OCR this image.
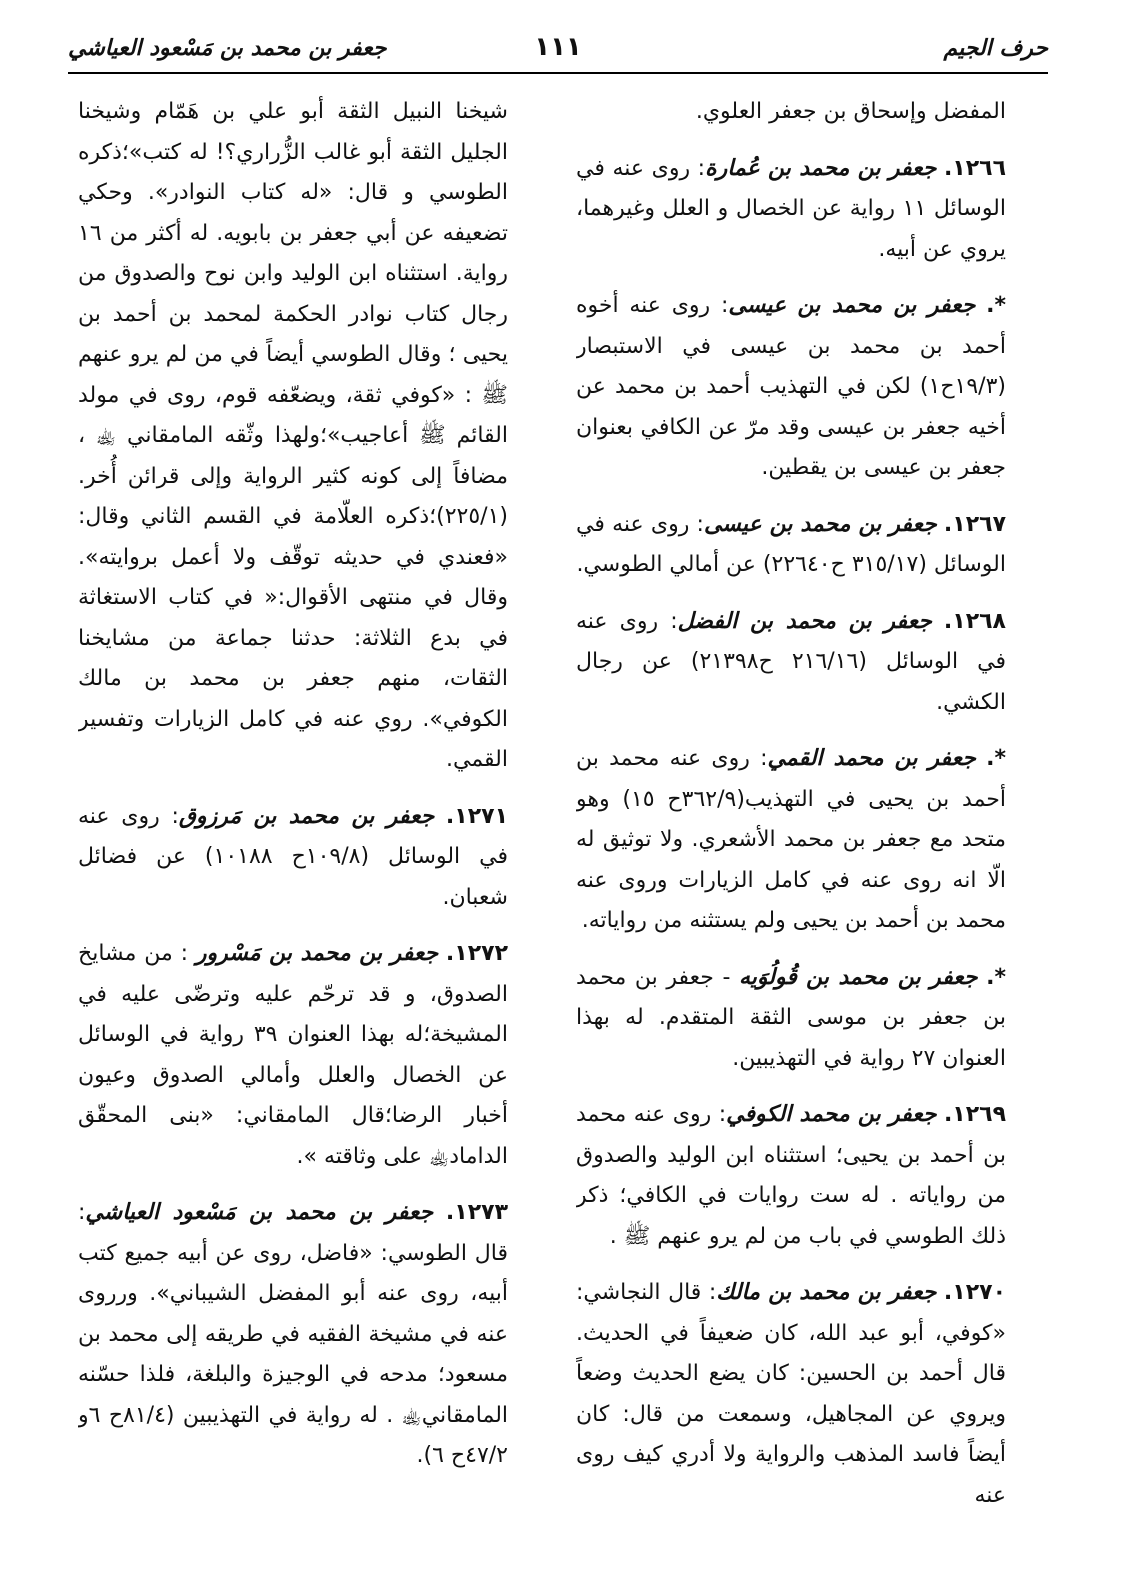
حرف الجيم
١١١
جعفر بن محمد بن مَسْعود العياشي

المفضل وإسحاق بن جعفر العلوي.

١٢٦٦. جعفر بن محمد بن عُمارة: روى عنه في الوسائل ١١ رواية عن الخصال و العلل وغيرهما، يروي عن أبيه.

*. جعفر بن محمد بن عيسى: روى عنه أخوه أحمد بن محمد بن عيسى في الاستبصار (١٩/٣ح١) لكن في التهذيب أحمد بن محمد عن أخيه جعفر بن عيسى وقد مرّ عن الكافي بعنوان جعفر بن عيسى بن يقطين.

١٢٦٧. جعفر بن محمد بن عيسى: روى عنه في الوسائل (٣١٥/١٧ ح٢٢٦٤٠) عن أمالي الطوسي.

١٢٦٨. جعفر بن محمد بن الفضل: روى عنه في الوسائل (٢١٦/١٦ ح٢١٣٩٨) عن رجال الكشي.

*. جعفر بن محمد القمي: روى عنه محمد بن أحمد بن يحيى في التهذيب(٣٦٢/٩ح ١٥) وهو متحد مع جعفر بن محمد الأشعري. ولا توثيق له الّا انه روى عنه في كامل الزيارات وروى عنه محمد بن أحمد بن يحيى ولم يستثنه من رواياته.

*. جعفر بن محمد بن قُولُوَيه - جعفر بن محمد بن جعفر بن موسى الثقة المتقدم. له بهذا العنوان ٢٧ رواية في التهذيبين.

١٢٦٩. جعفر بن محمد الكوفي: روى عنه محمد بن أحمد بن يحيى؛ استثناه ابن الوليد والصدوق من رواياته . له ست روايات في الكافي؛ ذكر ذلك الطوسي في باب من لم يرو عنهم ﷺ .

١٢٧٠. جعفر بن محمد بن مالك: قال النجاشي: «كوفي، أبو عبد الله، كان ضعيفاً في الحديث. قال أحمد بن الحسين: كان يضع الحديث وضعاً ويروي عن المجاهيل، وسمعت من قال: كان أيضاً فاسد المذهب والرواية ولا أدري كيف روى عنه

شيخنا النبيل الثقة أبو علي بن هَمّام وشيخنا الجليل الثقة أبو غالب الزُّراري؟! له كتب»؛ذكره الطوسي و قال: «له كتاب النوادر». وحكي تضعيفه عن أبي جعفر بن بابويه. له أكثر من ١٦ رواية. استثناه ابن الوليد وابن نوح والصدوق من رجال كتاب نوادر الحكمة لمحمد بن أحمد بن يحيى ؛ وقال الطوسي أيضاً في من لم يرو عنهم ﷺ : «كوفي ثقة، ويضعّفه قوم، روى في مولد القائم ﷺ أعاجيب»؛ولهذا وثّقه المامقاني ﵀ ، مضافاً إلى كونه كثير الرواية وإلى قرائن أُخر. (٢٢٥/١)؛ذكره العلّامة في القسم الثاني وقال: «فعندي في حديثه توقّف ولا أعمل بروايته». وقال في منتهى الأقوال:« في كتاب الاستغاثة في بدع الثلاثة: حدثنا جماعة من مشايخنا الثقات، منهم جعفر بن محمد بن مالك الكوفي». روي عنه في كامل الزيارات وتفسير القمي.

١٢٧١. جعفر بن محمد بن مَرزوق: روى عنه في الوسائل (١٠٩/٨ح ١٠١٨٨) عن فضائل شعبان.

١٢٧٢. جعفر بن محمد بن مَسْرور : من مشايخ الصدوق، و قد ترحّم عليه وترضّى عليه في المشيخة؛له بهذا العنوان ٣٩ رواية في الوسائل عن الخصال والعلل وأمالي الصدوق وعيون أخبار الرضا؛قال المامقاني: «بنى المحقّق الداماد﵀ على وثاقته ».

١٢٧٣. جعفر بن محمد بن مَسْعود العياشي: قال الطوسي: «فاضل، روى عن أبيه جميع كتب أبيه، روى عنه أبو المفضل الشيباني». ورروى عنه في مشيخة الفقيه في طريقه إلى محمد بن مسعود؛ مدحه في الوجيزة والبلغة، فلذا حسّنه المامقاني﵀ . له رواية في التهذيبين (٨١/٤ح ٦و ٤٧/٢ح ٦).
